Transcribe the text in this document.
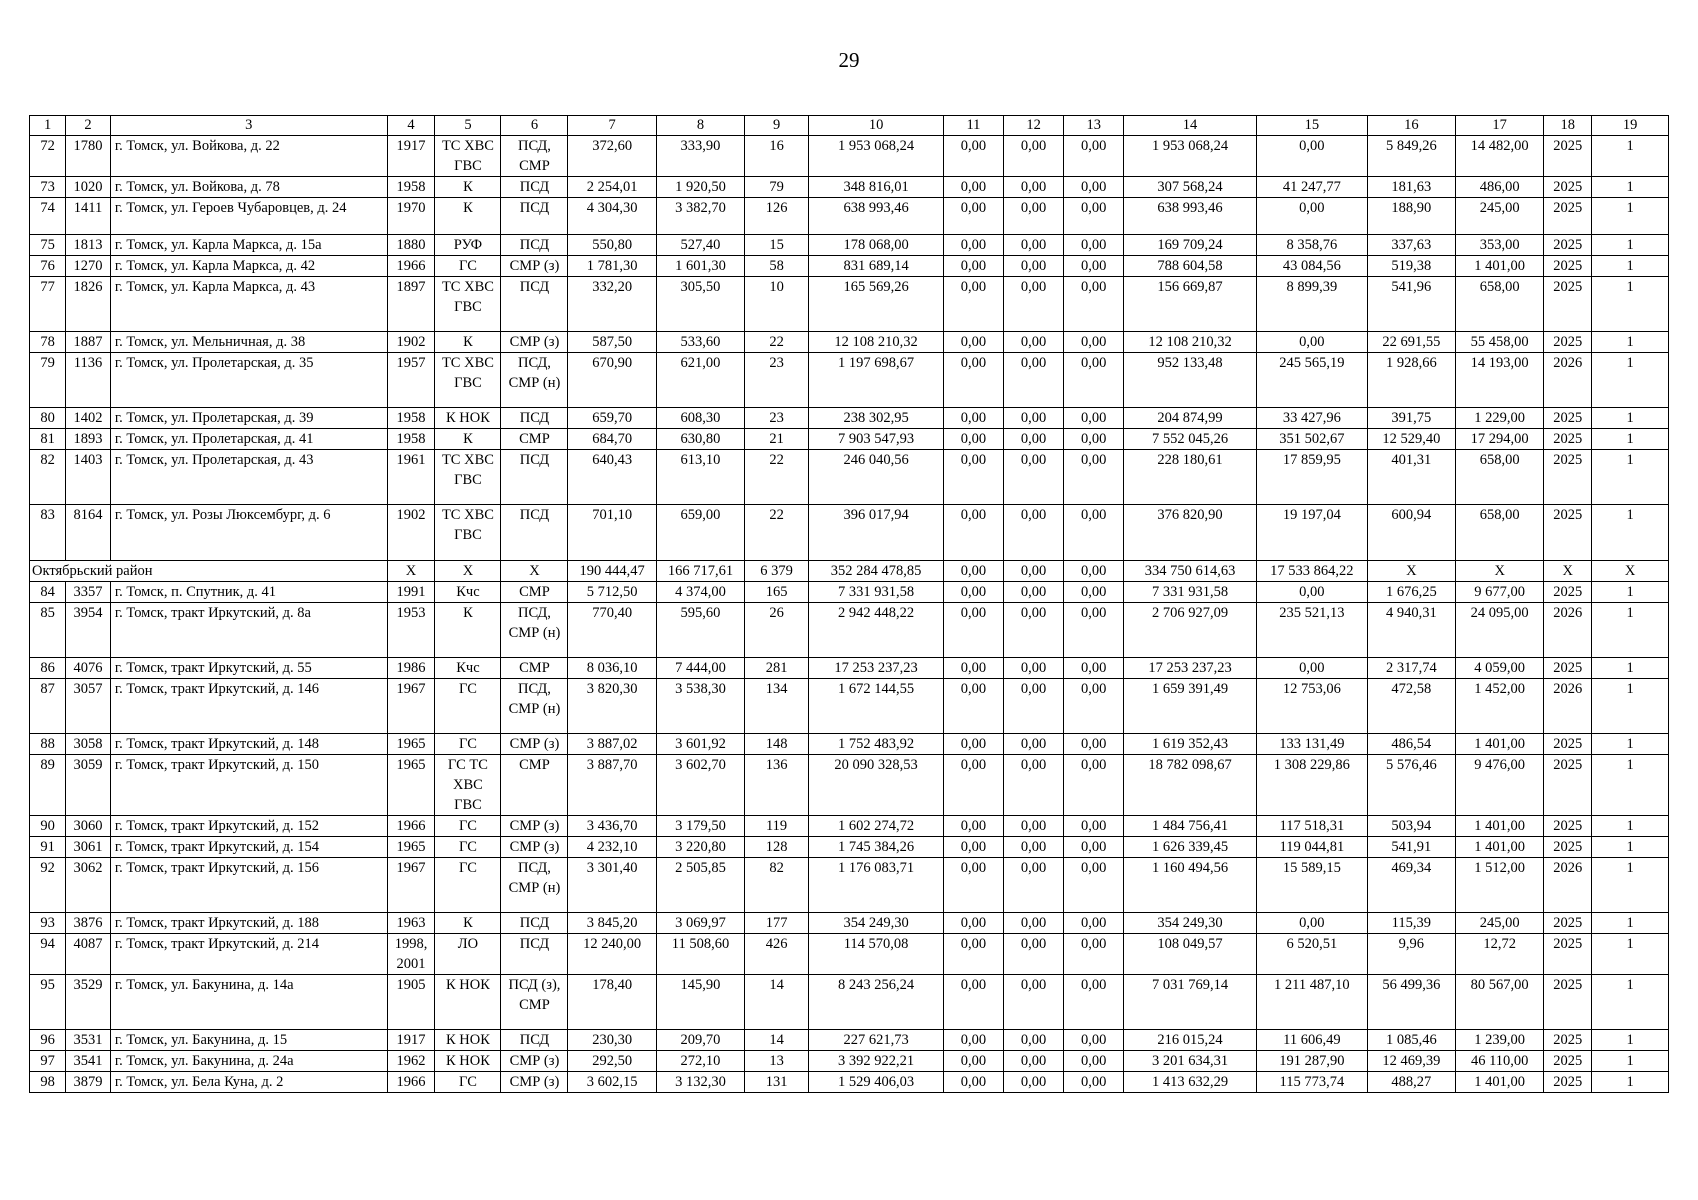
29
1	2	3	4	5	6	7	8	9	10	11	12	13	14	15	16	17	18	19
72	1780	г. Томск, ул. Войкова, д. 22	1917	ТС ХВС ГВС	ПСД, СМР	372,60	333,90	16	1 953 068,24	0,00	0,00	0,00	1 953 068,24	0,00	5 849,26	14 482,00	2025	1
73	1020	г. Томск, ул. Войкова, д. 78	1958	К	ПСД	2 254,01	1 920,50	79	348 816,01	0,00	0,00	0,00	307 568,24	41 247,77	181,63	486,00	2025	1
74	1411	г. Томск, ул. Героев Чубаровцев, д. 24	1970	К	ПСД	4 304,30	3 382,70	126	638 993,46	0,00	0,00	0,00	638 993,46	0,00	188,90	245,00	2025	1
75	1813	г. Томск, ул. Карла Маркса, д. 15а	1880	РУФ	ПСД	550,80	527,40	15	178 068,00	0,00	0,00	0,00	169 709,24	8 358,76	337,63	353,00	2025	1
76	1270	г. Томск, ул. Карла Маркса, д. 42	1966	ГС	СМР (з)	1 781,30	1 601,30	58	831 689,14	0,00	0,00	0,00	788 604,58	43 084,56	519,38	1 401,00	2025	1
77	1826	г. Томск, ул. Карла Маркса, д. 43	1897	ТС ХВС ГВС	ПСД	332,20	305,50	10	165 569,26	0,00	0,00	0,00	156 669,87	8 899,39	541,96	658,00	2025	1
78	1887	г. Томск, ул. Мельничная, д. 38	1902	К	СМР (з)	587,50	533,60	22	12 108 210,32	0,00	0,00	0,00	12 108 210,32	0,00	22 691,55	55 458,00	2025	1
79	1136	г. Томск, ул. Пролетарская, д. 35	1957	ТС ХВС ГВС	ПСД, СМР (н)	670,90	621,00	23	1 197 698,67	0,00	0,00	0,00	952 133,48	245 565,19	1 928,66	14 193,00	2026	1
80	1402	г. Томск, ул. Пролетарская, д. 39	1958	К НОК	ПСД	659,70	608,30	23	238 302,95	0,00	0,00	0,00	204 874,99	33 427,96	391,75	1 229,00	2025	1
81	1893	г. Томск, ул. Пролетарская, д. 41	1958	К	СМР	684,70	630,80	21	7 903 547,93	0,00	0,00	0,00	7 552 045,26	351 502,67	12 529,40	17 294,00	2025	1
82	1403	г. Томск, ул. Пролетарская, д. 43	1961	ТС ХВС ГВС	ПСД	640,43	613,10	22	246 040,56	0,00	0,00	0,00	228 180,61	17 859,95	401,31	658,00	2025	1
83	8164	г. Томск, ул. Розы Люксембург, д. 6	1902	ТС ХВС ГВС	ПСД	701,10	659,00	22	396 017,94	0,00	0,00	0,00	376 820,90	19 197,04	600,94	658,00	2025	1
Октябрьский район			Х	Х	Х	190 444,47	166 717,61	6 379	352 284 478,85	0,00	0,00	0,00	334 750 614,63	17 533 864,22	Х	Х	Х	Х
84	3357	г. Томск, п. Спутник, д. 41	1991	Кчс	СМР	5 712,50	4 374,00	165	7 331 931,58	0,00	0,00	0,00	7 331 931,58	0,00	1 676,25	9 677,00	2025	1
85	3954	г. Томск, тракт Иркутский, д. 8а	1953	К	ПСД, СМР (н)	770,40	595,60	26	2 942 448,22	0,00	0,00	0,00	2 706 927,09	235 521,13	4 940,31	24 095,00	2026	1
86	4076	г. Томск, тракт Иркутский, д. 55	1986	Кчс	СМР	8 036,10	7 444,00	281	17 253 237,23	0,00	0,00	0,00	17 253 237,23	0,00	2 317,74	4 059,00	2025	1
87	3057	г. Томск, тракт Иркутский, д. 146	1967	ГС	ПСД, СМР (н)	3 820,30	3 538,30	134	1 672 144,55	0,00	0,00	0,00	1 659 391,49	12 753,06	472,58	1 452,00	2026	1
88	3058	г. Томск, тракт Иркутский, д. 148	1965	ГС	СМР (з)	3 887,02	3 601,92	148	1 752 483,92	0,00	0,00	0,00	1 619 352,43	133 131,49	486,54	1 401,00	2025	1
89	3059	г. Томск, тракт Иркутский, д. 150	1965	ГС ТС ХВС ГВС	СМР	3 887,70	3 602,70	136	20 090 328,53	0,00	0,00	0,00	18 782 098,67	1 308 229,86	5 576,46	9 476,00	2025	1
90	3060	г. Томск, тракт Иркутский, д. 152	1966	ГС	СМР (з)	3 436,70	3 179,50	119	1 602 274,72	0,00	0,00	0,00	1 484 756,41	117 518,31	503,94	1 401,00	2025	1
91	3061	г. Томск, тракт Иркутский, д. 154	1965	ГС	СМР (з)	4 232,10	3 220,80	128	1 745 384,26	0,00	0,00	0,00	1 626 339,45	119 044,81	541,91	1 401,00	2025	1
92	3062	г. Томск, тракт Иркутский, д. 156	1967	ГС	ПСД, СМР (н)	3 301,40	2 505,85	82	1 176 083,71	0,00	0,00	0,00	1 160 494,56	15 589,15	469,34	1 512,00	2026	1
93	3876	г. Томск, тракт Иркутский, д. 188	1963	К	ПСД	3 845,20	3 069,97	177	354 249,30	0,00	0,00	0,00	354 249,30	0,00	115,39	245,00	2025	1
94	4087	г. Томск, тракт Иркутский, д. 214	1998, 2001	ЛО	ПСД	12 240,00	11 508,60	426	114 570,08	0,00	0,00	0,00	108 049,57	6 520,51	9,96	12,72	2025	1
95	3529	г. Томск, ул. Бакунина, д. 14а	1905	К НОК	ПСД (з), СМР	178,40	145,90	14	8 243 256,24	0,00	0,00	0,00	7 031 769,14	1 211 487,10	56 499,36	80 567,00	2025	1
96	3531	г. Томск, ул. Бакунина, д. 15	1917	К НОК	ПСД	230,30	209,70	14	227 621,73	0,00	0,00	0,00	216 015,24	11 606,49	1 085,46	1 239,00	2025	1
97	3541	г. Томск, ул. Бакунина, д. 24а	1962	К НОК	СМР (з)	292,50	272,10	13	3 392 922,21	0,00	0,00	0,00	3 201 634,31	191 287,90	12 469,39	46 110,00	2025	1
98	3879	г. Томск, ул. Бела Куна, д. 2	1966	ГС	СМР (з)	3 602,15	3 132,30	131	1 529 406,03	0,00	0,00	0,00	1 413 632,29	115 773,74	488,27	1 401,00	2025	1
